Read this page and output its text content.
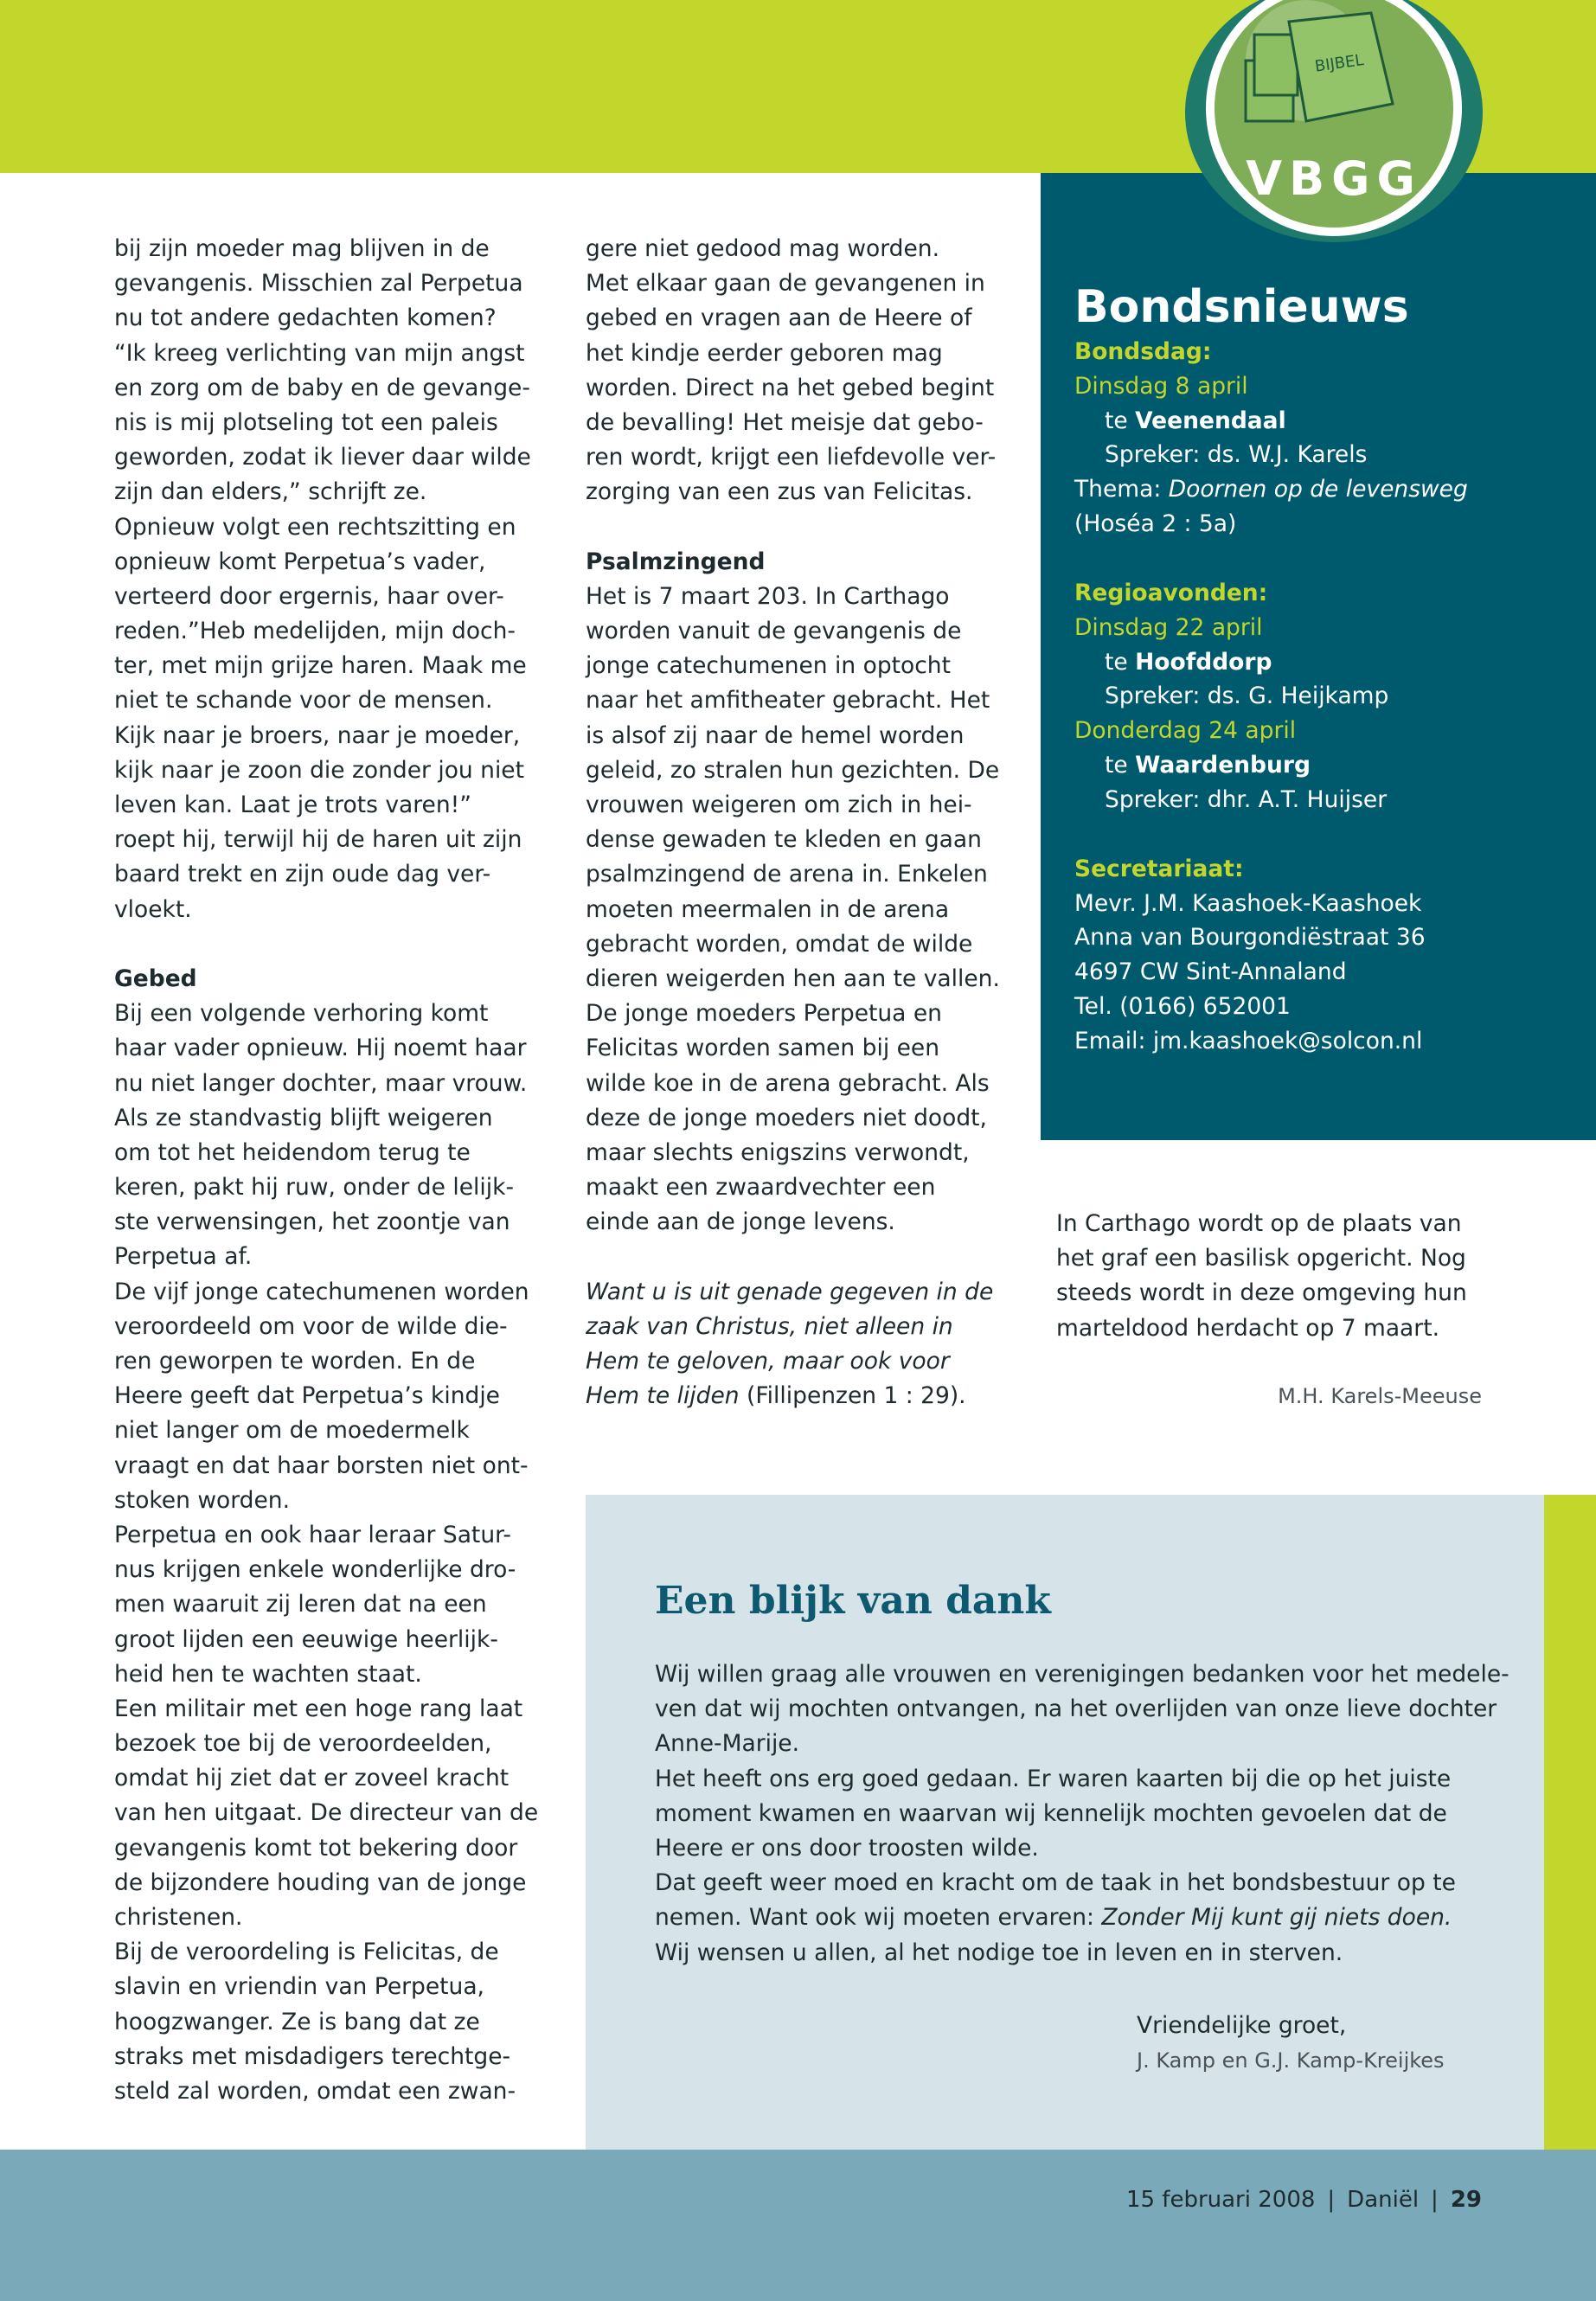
BIJBEL
VBGG
bij zijn moeder mag blijven in de
gevangenis. Misschien zal Perpetua
nu tot andere gedachten komen?
“Ik kreeg verlichting van mijn angst
en zorg om de baby en de gevange-
nis is mij plotseling tot een paleis
geworden, zodat ik liever daar wilde
zijn dan elders,” schrijft ze.
Opnieuw volgt een rechtszitting en
opnieuw komt Perpetua’s vader,
verteerd door ergernis, haar over-
reden.”Heb medelijden, mijn doch-
ter, met mijn grijze haren. Maak me
niet te schande voor de mensen.
Kijk naar je broers, naar je moeder,
kijk naar je zoon die zonder jou niet
leven kan. Laat je trots varen!”
roept hij, terwijl hij de haren uit zijn
baard trekt en zijn oude dag ver-
vloekt.
Gebed
Bij een volgende verhoring komt
haar vader opnieuw. Hij noemt haar
nu niet langer dochter, maar vrouw.
Als ze standvastig blijft weigeren
om tot het heidendom terug te
keren, pakt hij ruw, onder de lelijk-
ste verwensingen, het zoontje van
Perpetua af.
De vijf jonge catechumenen worden
veroordeeld om voor de wilde die-
ren geworpen te worden. En de
Heere geeft dat Perpetua’s kindje
niet langer om de moedermelk
vraagt en dat haar borsten niet ont-
stoken worden.
Perpetua en ook haar leraar Satur-
nus krijgen enkele wonderlijke dro-
men waaruit zij leren dat na een
groot lijden een eeuwige heerlijk-
heid hen te wachten staat.
Een militair met een hoge rang laat
bezoek toe bij de veroordeelden,
omdat hij ziet dat er zoveel kracht
van hen uitgaat. De directeur van de
gevangenis komt tot bekering door
de bijzondere houding van de jonge
christenen.
Bij de veroordeling is Felicitas, de
slavin en vriendin van Perpetua,
hoogzwanger. Ze is bang dat ze
straks met misdadigers terechtge-
steld zal worden, omdat een zwan-
gere niet gedood mag worden.
Met elkaar gaan de gevangenen in
gebed en vragen aan de Heere of
het kindje eerder geboren mag
worden. Direct na het gebed begint
de bevalling! Het meisje dat gebo-
ren wordt, krijgt een liefdevolle ver-
zorging van een zus van Felicitas.
Psalmzingend
Het is 7 maart 203. In Carthago
worden vanuit de gevangenis de
jonge catechumenen in optocht
naar het amfitheater gebracht. Het
is alsof zij naar de hemel worden
geleid, zo stralen hun gezichten. De
vrouwen weigeren om zich in hei-
dense gewaden te kleden en gaan
psalmzingend de arena in. Enkelen
moeten meermalen in de arena
gebracht worden, omdat de wilde
dieren weigerden hen aan te vallen.
De jonge moeders Perpetua en
Felicitas worden samen bij een
wilde koe in de arena gebracht. Als
deze de jonge moeders niet doodt,
maar slechts enigszins verwondt,
maakt een zwaardvechter een
einde aan de jonge levens.
Want u is uit genade gegeven in de
zaak van Christus, niet alleen in
Hem te geloven, maar ook voor
Hem te lijden (Fillipenzen 1 : 29).
In Carthago wordt op de plaats van
het graf een basilisk opgericht. Nog
steeds wordt in deze omgeving hun
marteldood herdacht op 7 maart.
M.H. Karels-Meeuse
Bondsnieuws
Bondsdag:
Dinsdag 8 april
te Veenendaal
Spreker: ds. W.J. Karels
Thema: Doornen op de levensweg
(Hoséa 2 : 5a)
Regioavonden:
Dinsdag 22 april
te Hoofddorp
Spreker: ds. G. Heijkamp
Donderdag 24 april
te Waardenburg
Spreker: dhr. A.T. Huijser
Secretariaat:
Mevr. J.M. Kaashoek-Kaashoek
Anna van Bourgondiëstraat 36
4697 CW Sint-Annaland
Tel. (0166) 652001
Email: jm.kaashoek@solcon.nl
Een blijk van dank
Wij willen graag alle vrouwen en verenigingen bedanken voor het medele-
ven dat wij mochten ontvangen, na het overlijden van onze lieve dochter
Anne-Marije.
Het heeft ons erg goed gedaan. Er waren kaarten bij die op het juiste
moment kwamen en waarvan wij kennelijk mochten gevoelen dat de
Heere er ons door troosten wilde.
Dat geeft weer moed en kracht om de taak in het bondsbestuur op te
nemen. Want ook wij moeten ervaren: Zonder Mij kunt gij niets doen.
Wij wensen u allen, al het nodige toe in leven en in sterven.
Vriendelijke groet,
J. Kamp en G.J. Kamp-Kreijkes
15 februari 2008 | Daniël | 29
